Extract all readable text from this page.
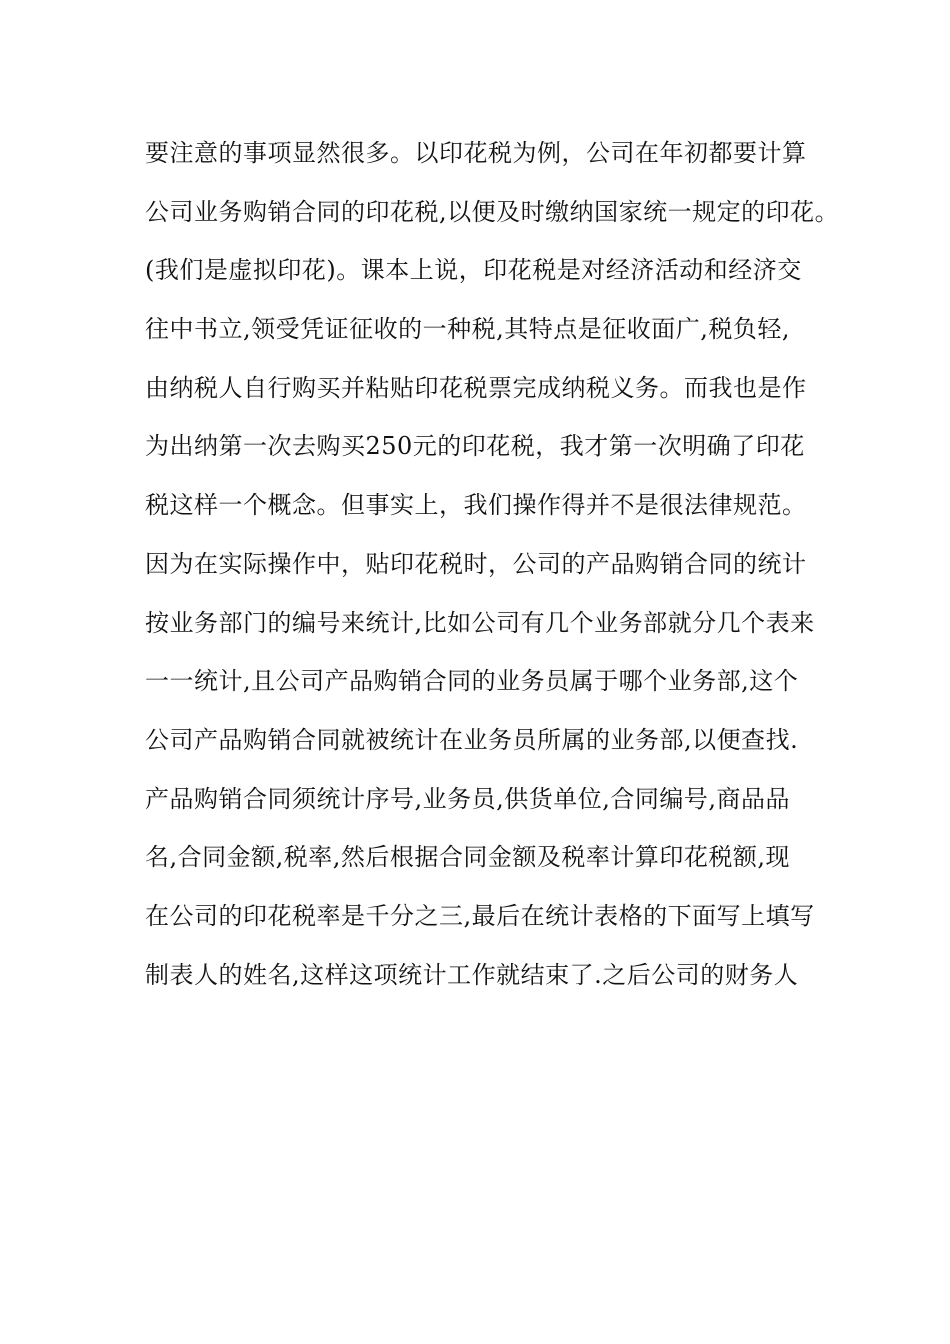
要注意的事项显然很多。以印花税为例，公司在年初都要计算
公司业务购销合同的印花税,以便及时缴纳国家统一规定的印花。
(我们是虚拟印花)。课本上说，印花税是对经济活动和经济交
往中书立,领受凭证征收的一种税,其特点是征收面广,税负轻,
由纳税人自行购买并粘贴印花税票完成纳税义务。而我也是作
为出纳第一次去购买250元的印花税，我才第一次明确了印花
税这样一个概念。但事实上，我们操作得并不是很法律规范。
因为在实际操作中，贴印花税时，公司的产品购销合同的统计
按业务部门的编号来统计,比如公司有几个业务部就分几个表来
一一统计,且公司产品购销合同的业务员属于哪个业务部,这个
公司产品购销合同就被统计在业务员所属的业务部,以便查找.
产品购销合同须统计序号,业务员,供货单位,合同编号,商品品
名,合同金额,税率,然后根据合同金额及税率计算印花税额,现
在公司的印花税率是千分之三,最后在统计表格的下面写上填写
制表人的姓名,这样这项统计工作就结束了.之后公司的财务人
